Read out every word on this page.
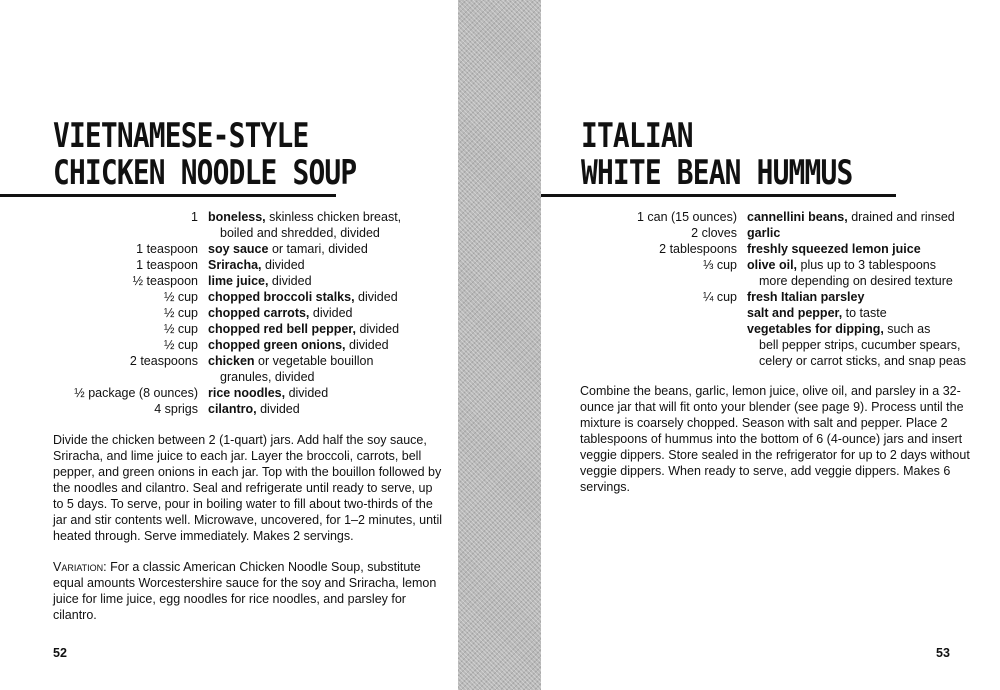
VIETNAMESE-STYLE
CHICKEN NOODLE SOUP
1 boneless, skinless chicken breast,
boiled and shredded, divided
1 teaspoon soy sauce or tamari, divided
1 teaspoon Sriracha, divided
½ teaspoon lime juice, divided
½ cup chopped broccoli stalks, divided
½ cup chopped carrots, divided
½ cup chopped red bell pepper, divided
½ cup chopped green onions, divided
2 teaspoons chicken or vegetable bouillon
granules, divided
½ package (8 ounces) rice noodles, divided
4 sprigs cilantro, divided

Divide the chicken between 2 (1-quart) jars. Add half the soy sauce, Sriracha, and lime juice to each jar. Layer the broccoli, carrots, bell pepper, and green onions in each jar. Top with the bouillon followed by the noodles and cilantro. Seal and refrigerate until ready to serve, up to 5 days. To serve, pour in boiling water to fill about two-thirds of the jar and stir contents well. Microwave, uncovered, for 1–2 minutes, until heated through. Serve immediately. Makes 2 servings.

Variation: For a classic American Chicken Noodle Soup, substitute equal amounts Worcestershire sauce for the soy and Sriracha, lemon juice for lime juice, egg noodles for rice noodles, and parsley for cilantro.

52
ITALIAN
WHITE BEAN HUMMUS
1 can (15 ounces) cannellini beans, drained and rinsed
2 cloves garlic
2 tablespoons freshly squeezed lemon juice
⅓ cup olive oil, plus up to 3 tablespoons
more depending on desired texture
¼ cup fresh Italian parsley
salt and pepper, to taste
vegetables for dipping, such as
bell pepper strips, cucumber spears, celery or carrot sticks, and snap peas

Combine the beans, garlic, lemon juice, olive oil, and parsley in a 32-ounce jar that will fit onto your blender (see page 9). Process until the mixture is coarsely chopped. Season with salt and pepper. Place 2 tablespoons of hummus into the bottom of 6 (4-ounce) jars and insert veggie dippers. Store sealed in the refrigerator for up to 2 days without veggie dippers. When ready to serve, add veggie dippers. Makes 6 servings.

53
